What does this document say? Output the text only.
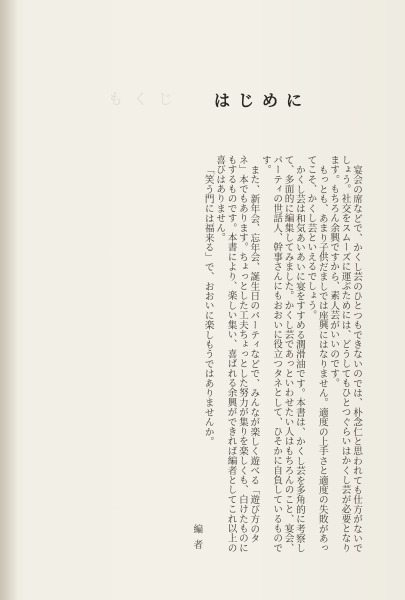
もくじ はじめに

宴会の席などで、かくし芸のひとつもできないのでは、朴念仁と思われても仕方がないでしょう。社交をスムーズに運ぶためには、どうしてもひとつぐらいはかくし芸が必要となります。もちろん余興ですから、素人芸がいいのです。

もっとも、あまり子供だましでは座興にはなりません。適度の上手さと適度の失敗があってこそ、かくし芸といえるでしょう。

かくし芸は和気あいあいに宴をすすめる潤滑油です。本書は、かくし芸を多角的に考察して、多面的に編集してみました。かくし芸であっといわせたい人はもちろんのこと、宴会、パーティの世話人、幹事さんにもおおいに役立つタネとして、ひそかに自負しているものです。

また、新年会、忘年会、誕生日のパーティなどで、みんなが楽しく遊べる「遊び方のタネ」本でもあります。ちょっとした工夫ちょっとした努力が集りを楽しくも、白けたものにもするものです。本書により、楽しい集い、喜ばれる余興ができれば編者としてこれ以上の喜びはありません。

「笑う門には福来る」で、おおいに楽しもうではありませんか。

編者
